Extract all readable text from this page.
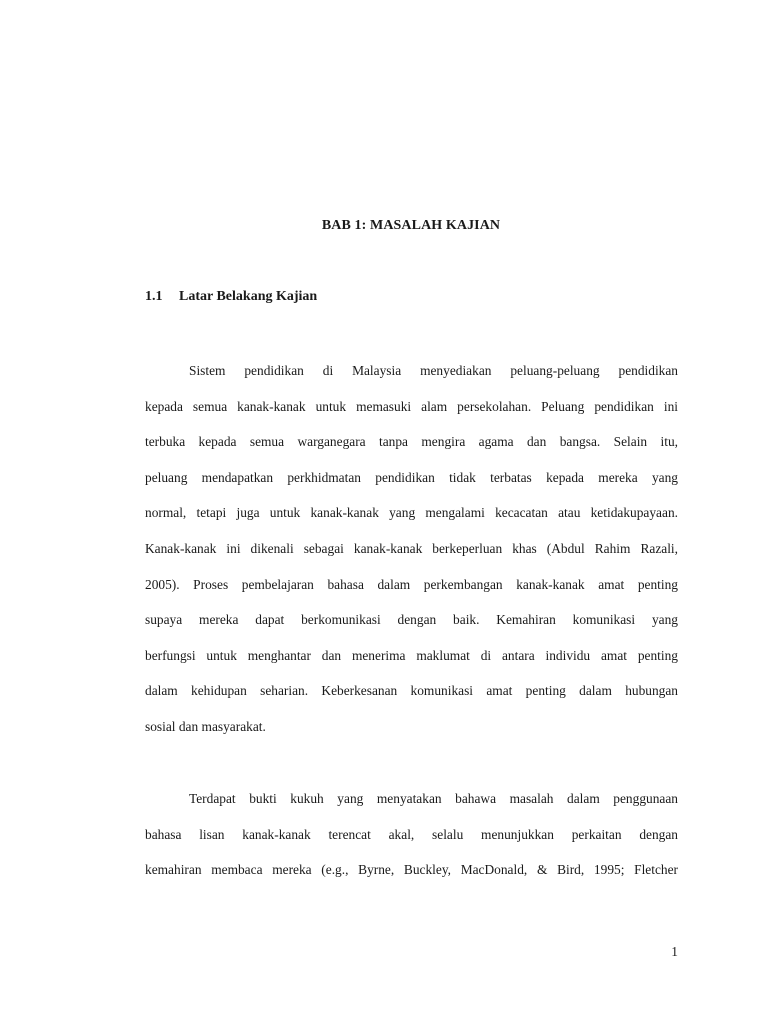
BAB 1: MASALAH KAJIAN
1.1 Latar Belakang Kajian
Sistem pendidikan di Malaysia menyediakan peluang-peluang pendidikan
kepada semua kanak-kanak untuk memasuki alam persekolahan. Peluang pendidikan ini
terbuka kepada semua warganegara tanpa mengira agama dan bangsa. Selain itu,
peluang mendapatkan perkhidmatan pendidikan tidak terbatas kepada mereka yang
normal, tetapi juga untuk kanak-kanak yang mengalami kecacatan atau ketidakupayaan.
Kanak-kanak ini dikenali sebagai kanak-kanak berkeperluan khas (Abdul Rahim Razali,
2005). Proses pembelajaran bahasa dalam perkembangan kanak-kanak amat penting
supaya mereka dapat berkomunikasi dengan baik. Kemahiran komunikasi yang
berfungsi untuk menghantar dan menerima maklumat di antara individu amat penting
dalam kehidupan seharian. Keberkesanan komunikasi amat penting dalam hubungan
sosial dan masyarakat.
Terdapat bukti kukuh yang menyatakan bahawa masalah dalam penggunaan
bahasa lisan kanak-kanak terencat akal, selalu menunjukkan perkaitan dengan
kemahiran membaca mereka (e.g., Byrne, Buckley, MacDonald, & Bird, 1995; Fletcher
1
